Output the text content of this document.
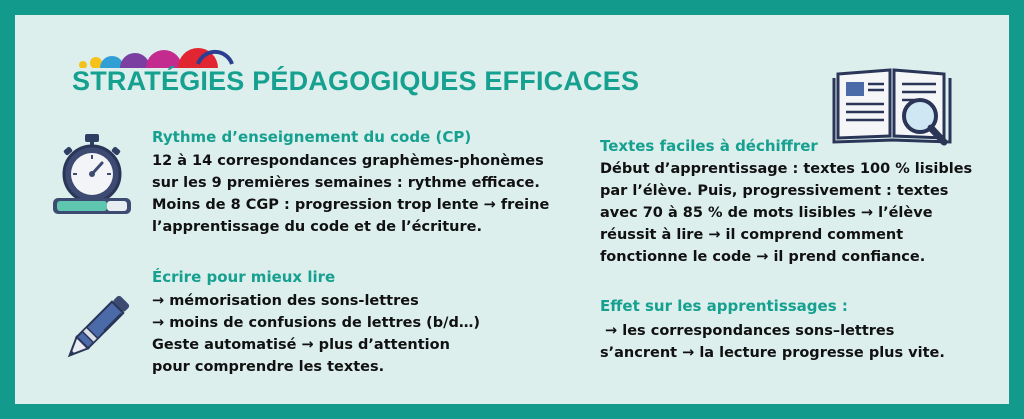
STRATÉGIES PÉDAGOGIQUES EFFICACES
Rythme d’enseignement du code (CP)
12 à 14 correspondances graphèmes-phonèmes
sur les 9 premières semaines : rythme efficace.
Moins de 8 CGP : progression trop lente → freine
l’apprentissage du code et de l’écriture.
Écrire pour mieux lire
→ mémorisation des sons-lettres
→ moins de confusions de lettres (b/d…)
Geste automatisé → plus d’attention
pour comprendre les textes.
Textes faciles à déchiffrer
Début d’apprentissage : textes 100 % lisibles
par l’élève. Puis, progressivement : textes
avec 70 à 85 % de mots lisibles → l’élève
réussit à lire → il comprend comment
fonctionne le code → il prend confiance.
Effet sur les apprentissages :
→ les correspondances sons–lettres
s’ancrent → la lecture progresse plus vite.
